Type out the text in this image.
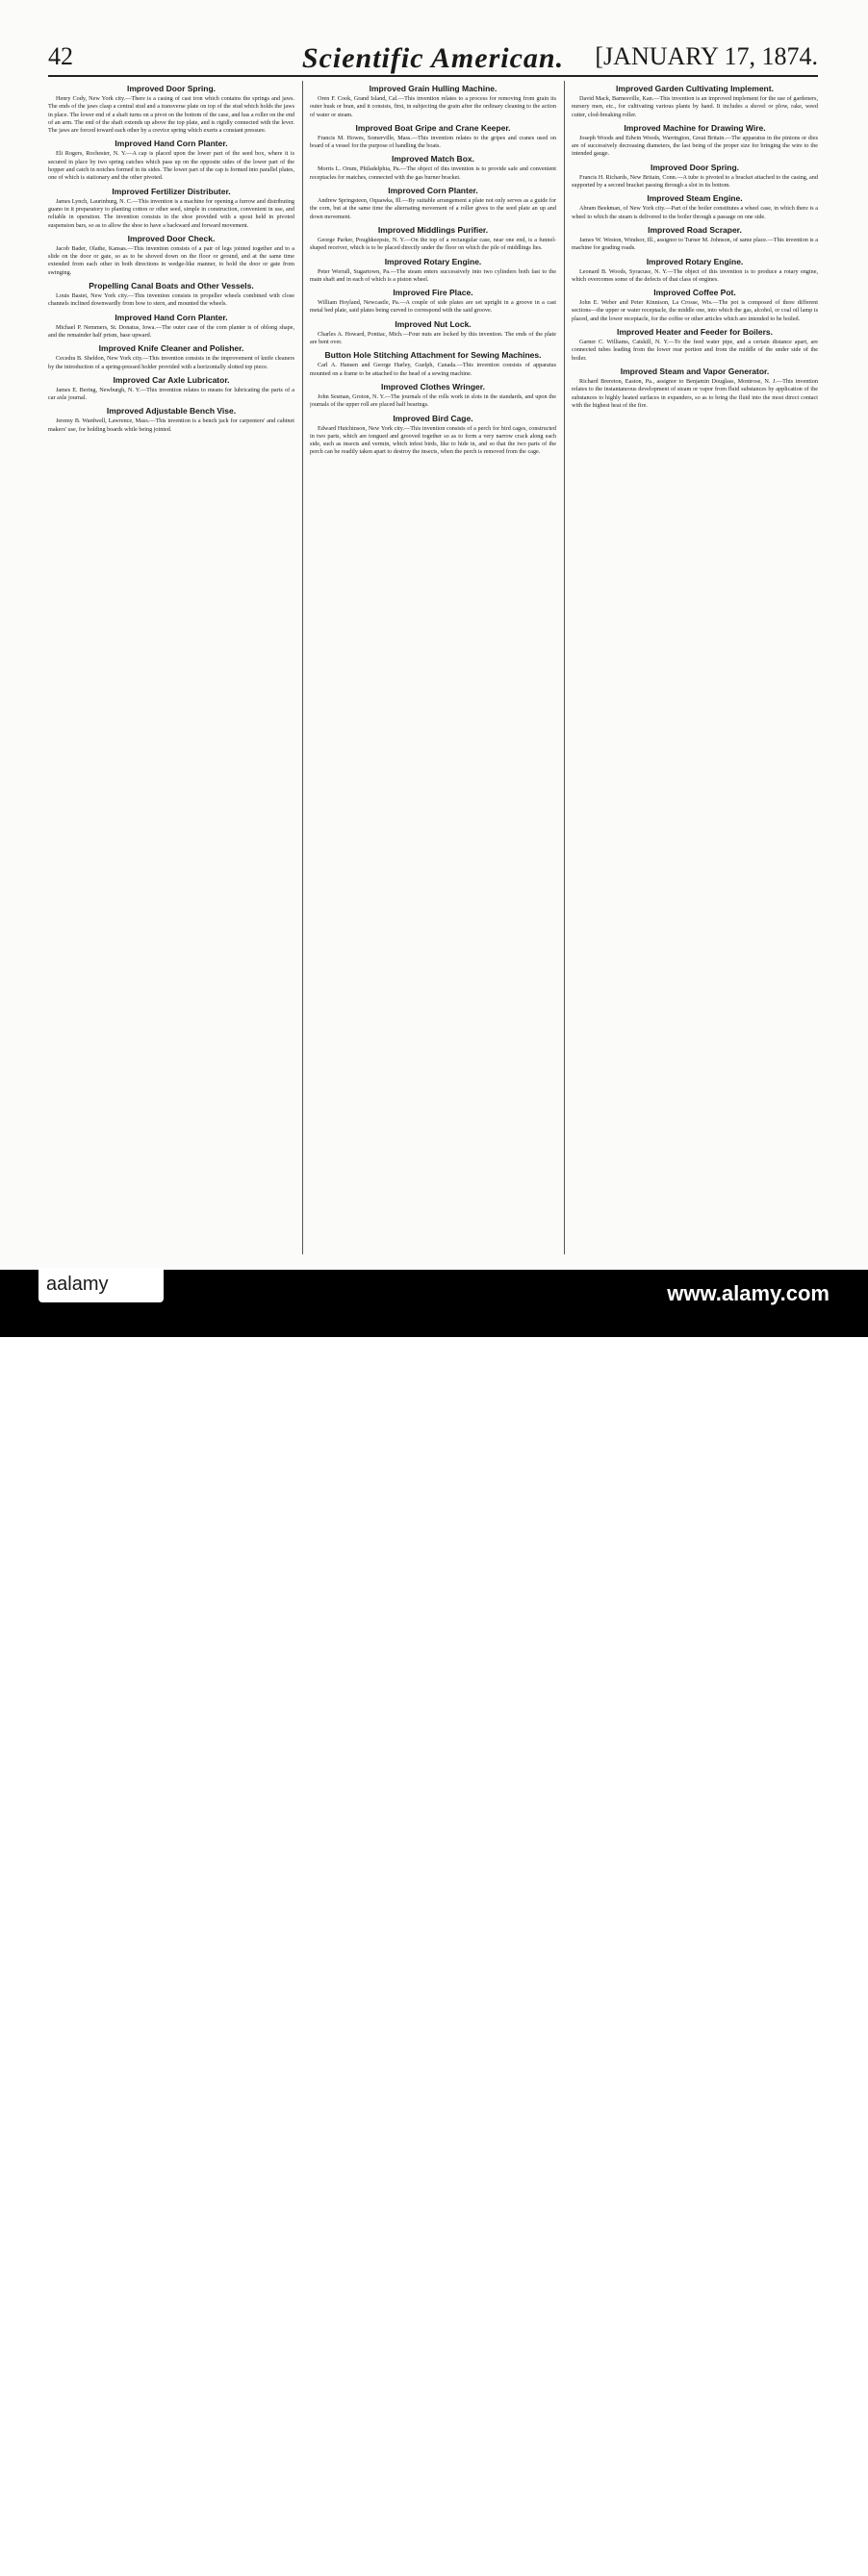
42	Scientific American.	[JANUARY 17, 1874.
Improved Door Spring.

Henry Cody, New York city.—There is a casing of cast iron which contains the springs and jaws. The ends of the jaws clasp a central stud and a transverse plate on top of the stud which holds the jaws in place. The lower end of a shaft turns on a pivot on the bottom of the case, and has a roller on the end of an arm. The end of the shaft extends up above the top plate, and is rigidly connected with the lever. The jaws are forced toward each other by a crevice spring which exerts a constant pressure.

Improved Hand Corn Planter.

Eli Rogers, Rochester, N. Y.—A cap is placed upon the lower part of the seed box, where it is secured in place by two spring catches which pass up on the opposite sides of the lower part of the hopper and catch in notches formed in its sides. The lower part of the cap is formed into parallel plates, one of which is stationary and the other pivoted.

Improved Fertilizer Distributer.

James Lynch, Laurinburg, N. C.—This invention is a machine for opening a furrow and distributing guano in it preparatory to planting cotton or other seed, simple in construction, convenient in use, and reliable in operation. The invention consists in the shoe provided with a spout held in pivoted suspension bars, so as to allow the shoe to have a backward and forward movement.

Improved Door Check.

Jacob Bader, Olathe, Kansas.—This invention consists of a pair of legs jointed together and to a slide on the door or gate, so as to be shoved down on the floor or ground, and at the same time extended from each other in both directions in wedge-like manner, to hold the door or gate from swinging.

Propelling Canal Boats and Other Vessels.

Louis Bastet, New York city.—This invention consists in propeller wheels combined with close channels inclined downwardly from bow to stern, and mounted the wheels.

Improved Hand Corn Planter.

Michael P. Nemmers, St. Donatus, Iowa.—The outer case of the corn planter is of oblong shape, and the remainder half prism, base upward.

Improved Knife Cleaner and Polisher.

Cecedra B. Sheldon, New York city.—This invention consists in the improvement of knife cleaners by the introduction of a spring-pressed holder provided with a horizontally slotted top piece.

Improved Car Axle Lubricator.

James E. Bering, Newburgh, N. Y.—This invention relates to means for lubricating the parts of a car axle journal.

Improved Adjustable Bench Vise.

Jeremy B. Wardwell, Lawrence, Mass.—This invention is a bench jack for carpenters' and cabinet makers' use, for holding boards while being jointed.

Improved Grain Hulling Machine.

Oren F. Cook, Grand Island, Cal.—This invention relates to a process for removing from grain its outer husk or bran, and it consists, first, in subjecting the grain after the ordinary cleaning to the action of water or steam.

Improved Boat Gripe and Crane Keeper.

Francis M. Howes, Somerville, Mass.—This invention relates to the gripes and cranes used on board of a vessel for the purpose of handling the boats.

Improved Match Box.

Morris L. Orum, Philadelphia, Pa.—The object of this invention is to provide safe and convenient receptacles for matches, connected with the gas burner bracket.

Improved Corn Planter.

Andrew Springsteen, Oquawka, Ill.—By suitable arrangement a plate not only serves as a guide for the corn, but at the same time the alternating movement of a roller gives to the seed plate an up and down movement.

Improved Middlings Purifier.

George Parker, Poughkeepsie, N. Y.—On the top of a rectangular case, near one end, is a funnel-shaped receiver, which is to be placed directly under the floor on which the pile of middlings lies.

Improved Rotary Engine.

Peter Worrall, Sugartown, Pa.—The steam enters successively into two cylinders both fast to the main shaft and in each of which is a piston wheel.

Improved Fire Place.

William Hoyland, Newcastle, Pa.—A couple of side plates are set upright in a groove in a cast metal bed plate, said plates being curved to correspond with the said groove.

Improved Nut Lock.

Charles A. Howard, Pontiac, Mich.—Four nuts are locked by this invention. The ends of the plate are bent over.

Button Hole Stitching Attachment for Sewing Machines.

Carl A. Hansen and George Harley, Guelph, Canada.—This invention consists of apparatus mounted on a frame to be attached to the head of a sewing machine.

Improved Clothes Wringer.

John Sesman, Groton, N. Y.—The journals of the rolls work in slots in the standards, and upon the journals of the upper roll are placed half bearings.

Improved Bird Cage.

Edward Hutchinson, New York city.—This invention consists of a perch for bird cages, constructed in two parts, which are tongued and grooved together so as to form a very narrow crack along each side, such as insects and vermin, which infest birds, like to hide in, and so that the two parts of the perch can be readily taken apart to destroy the insects, when the perch is removed from the cage.

Improved Garden Cultivating Implement.

David Mack, Barnesville, Kan.—This invention is an improved implement for the use of gardeners, nursery men, etc., for cultivating various plants by hand. It includes a shovel or plow, rake, weed cutter, clod-breaking roller.

Improved Machine for Drawing Wire.

Joseph Woods and Edwin Woods, Warrington, Great Britain.—The apparatus in the pinions or dies are of successively decreasing diameters, the last being of the proper size for bringing the wire to the intended gauge.

Improved Door Spring.

Francis H. Richards, New Britain, Conn.—A tube is pivoted to a bracket attached to the casing, and supported by a second bracket passing through a slot in its bottom.

Improved Steam Engine.

Abram Beekman, of New York city.—Part of the boiler constitutes a wheel case, in which there is a wheel to which the steam is delivered to the boiler through a passage on one side.

Improved Road Scraper.

James W. Weston, Windsor, Ill., assignor to Turner M. Johnson, of same place.—This invention is a machine for grading roads.

Improved Rotary Engine.

Leonard B. Woods, Syracuse, N. Y.—The object of this invention is to produce a rotary engine, which overcomes some of the defects of that class of engines.

Improved Coffee Pot.

John E. Weber and Peter Kinnison, La Crosse, Wis.—The pot is composed of three different sections—the upper or water receptacle, the middle one, into which the gas, alcohol, or coal oil lamp is placed, and the lower receptacle, for the coffee or other articles which are intended to be boiled.

Improved Heater and Feeder for Boilers.

Garner C. Williams, Catskill, N. Y.—To the feed water pipe, and a certain distance apart, are connected tubes leading from the lower rear portion and from the middle of the under side of the boiler.

Improved Steam and Vapor Generator.

Richard Brereton, Easton, Pa., assignor to Benjamin Douglass, Montrose, N. J.—This invention relates to the instantaneous development of steam or vapor from fluid substances by application of the substances to highly heated surfaces in expanders, so as to bring the fluid into the most direct contact with the highest heat of the fire.

www.alamy.com
2ABWBC5
aalamy
